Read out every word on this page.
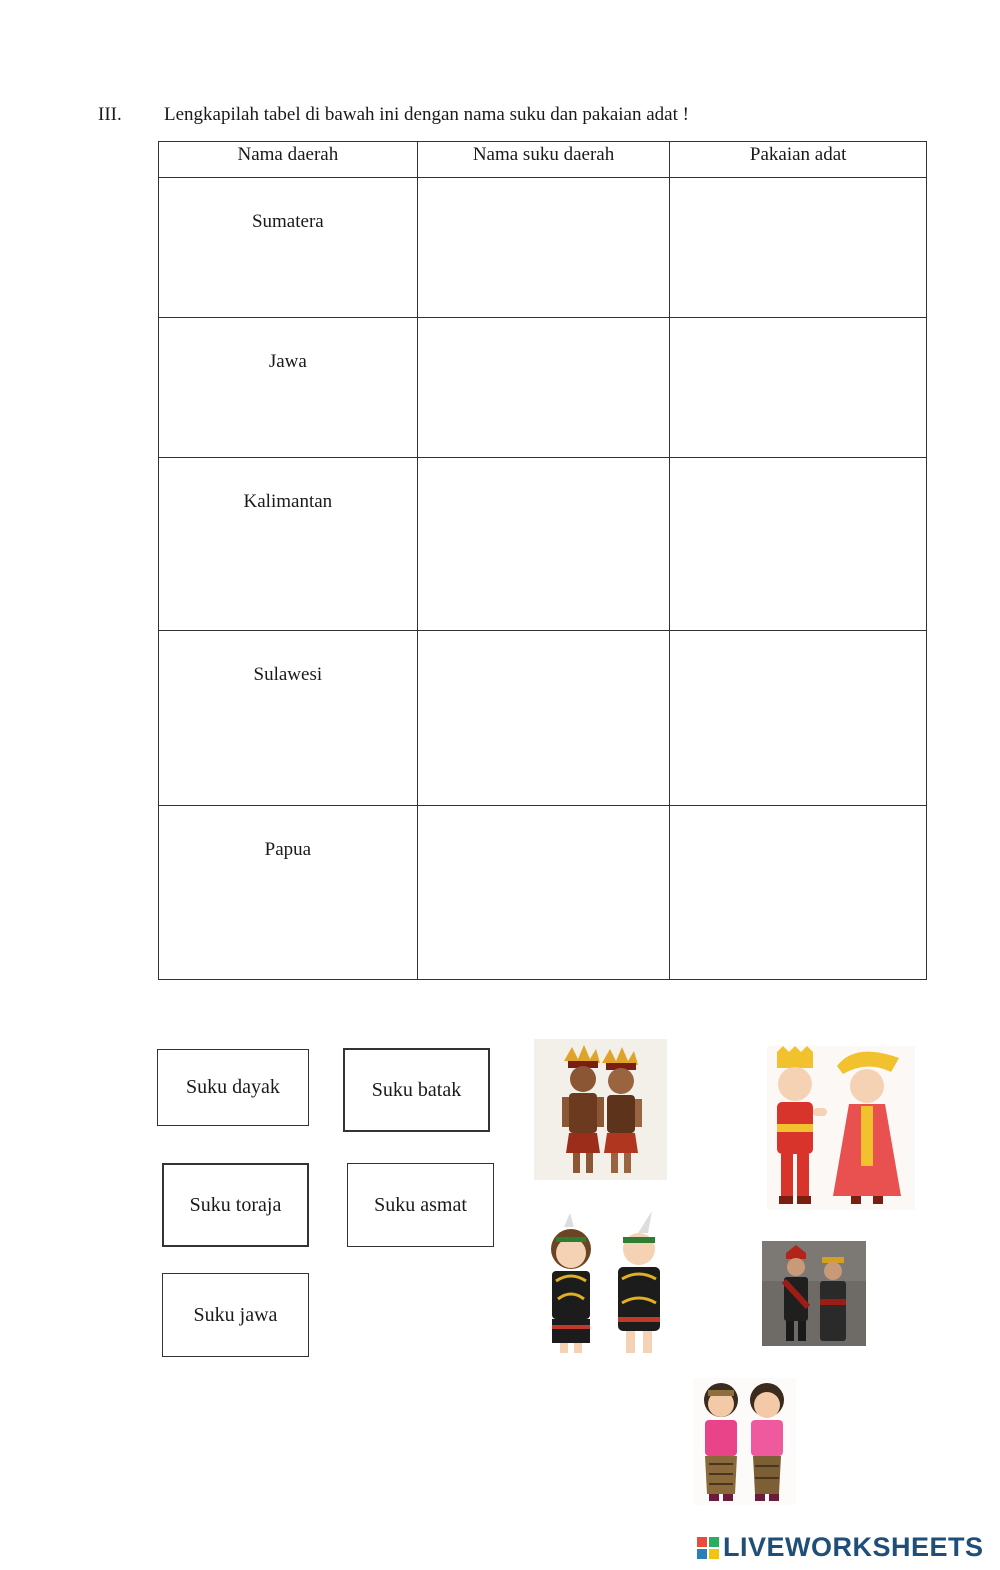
III. Lengkapilah tabel di bawah ini dengan nama suku dan pakaian adat !
Nama daerah	Nama suku daerah	Pakaian adat
Sumatera		
Jawa		
Kalimantan		
Sulawesi		
Papua		
Suku dayak	Suku batak
Suku toraja	Suku asmat
Suku jawa
LIVEWORKSHEETS
